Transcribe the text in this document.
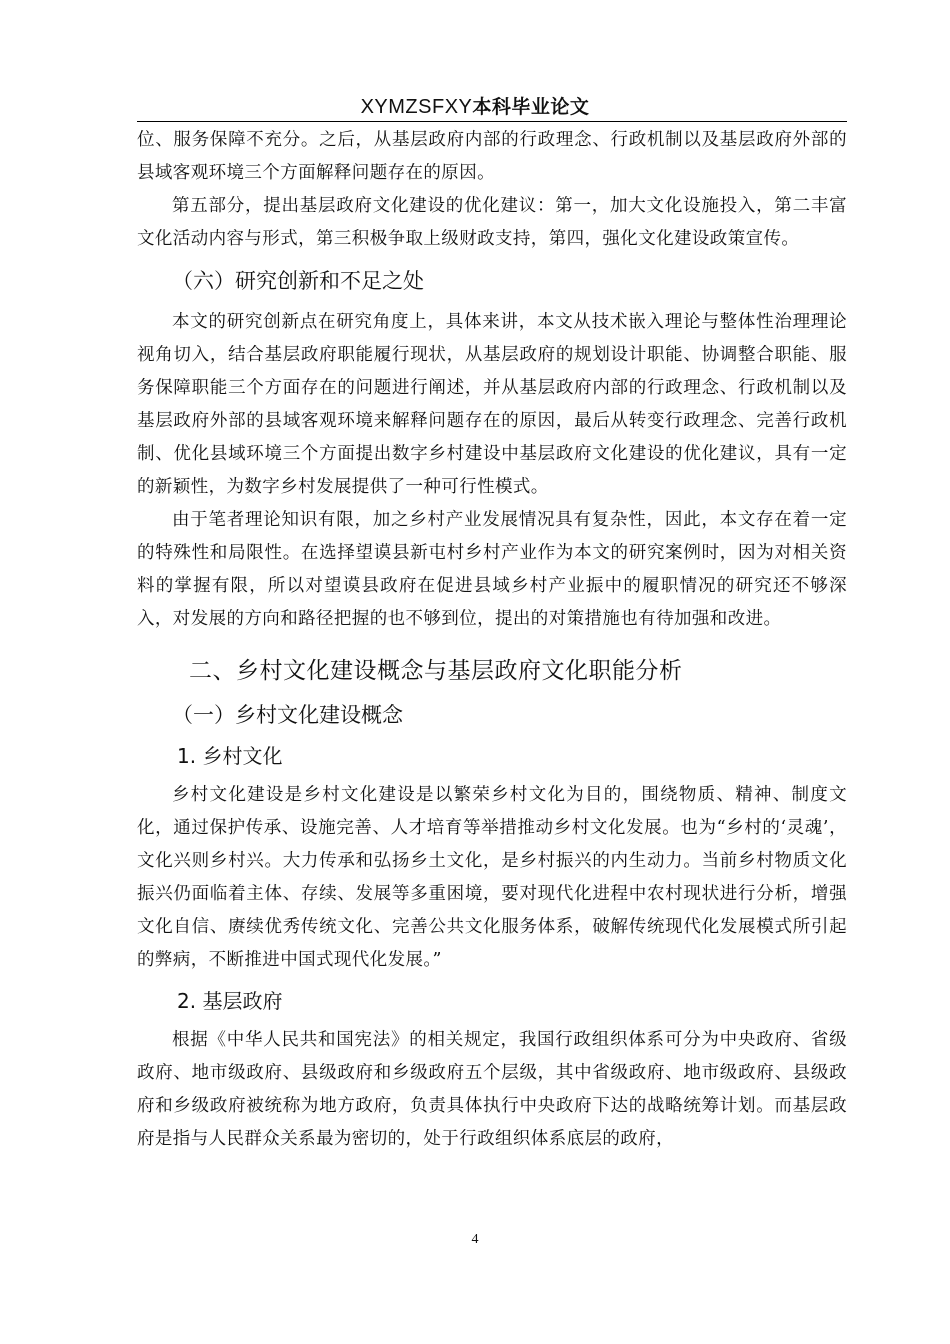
XYMZSFXY本科毕业论文

位、服务保障不充分。之后，从基层政府内部的行政理念、行政机制以及基层政府外部的县域客观环境三个方面解释问题存在的原因。

第五部分，提出基层政府文化建设的优化建议：第一，加大文化设施投入，第二丰富文化活动内容与形式，第三积极争取上级财政支持，第四，强化文化建设政策宣传。

（六）研究创新和不足之处

本文的研究创新点在研究角度上，具体来讲，本文从技术嵌入理论与整体性治理理论视角切入，结合基层政府职能履行现状，从基层政府的规划设计职能、协调整合职能、服务保障职能三个方面存在的问题进行阐述，并从基层政府内部的行政理念、行政机制以及基层政府外部的县域客观环境来解释问题存在的原因，最后从转变行政理念、完善行政机制、优化县域环境三个方面提出数字乡村建设中基层政府文化建设的优化建议，具有一定的新颖性，为数字乡村发展提供了一种可行性模式。

由于笔者理论知识有限，加之乡村产业发展情况具有复杂性，因此，本文存在着一定的特殊性和局限性。在选择望谟县新屯村乡村产业作为本文的研究案例时，因为对相关资料的掌握有限，所以对望谟县政府在促进县域乡村产业振中的履职情况的研究还不够深入，对发展的方向和路径把握的也不够到位，提出的对策措施也有待加强和改进。

二、乡村文化建设概念与基层政府文化职能分析
（一）乡村文化建设概念
1. 乡村文化

乡村文化建设是乡村文化建设是以繁荣乡村文化为目的，围绕物质、精神、制度文化，通过保护传承、设施完善、人才培育等举措推动乡村文化发展。也为“乡村的‘灵魂’，文化兴则乡村兴。大力传承和弘扬乡土文化，是乡村振兴的内生动力。当前乡村物质文化振兴仍面临着主体、存续、发展等多重困境，要对现代化进程中农村现状进行分析，增强文化自信、赓续优秀传统文化、完善公共文化服务体系，破解传统现代化发展模式所引起的弊病，不断推进中国式现代化发展。”

2. 基层政府

根据《中华人民共和国宪法》的相关规定，我国行政组织体系可分为中央政府、省级政府、地市级政府、县级政府和乡级政府五个层级，其中省级政府、地市级政府、县级政府和乡级政府被统称为地方政府，负责具体执行中央政府下达的战略统筹计划。而基层政府是指与人民群众关系最为密切的，处于行政组织体系底层的政府，

4
